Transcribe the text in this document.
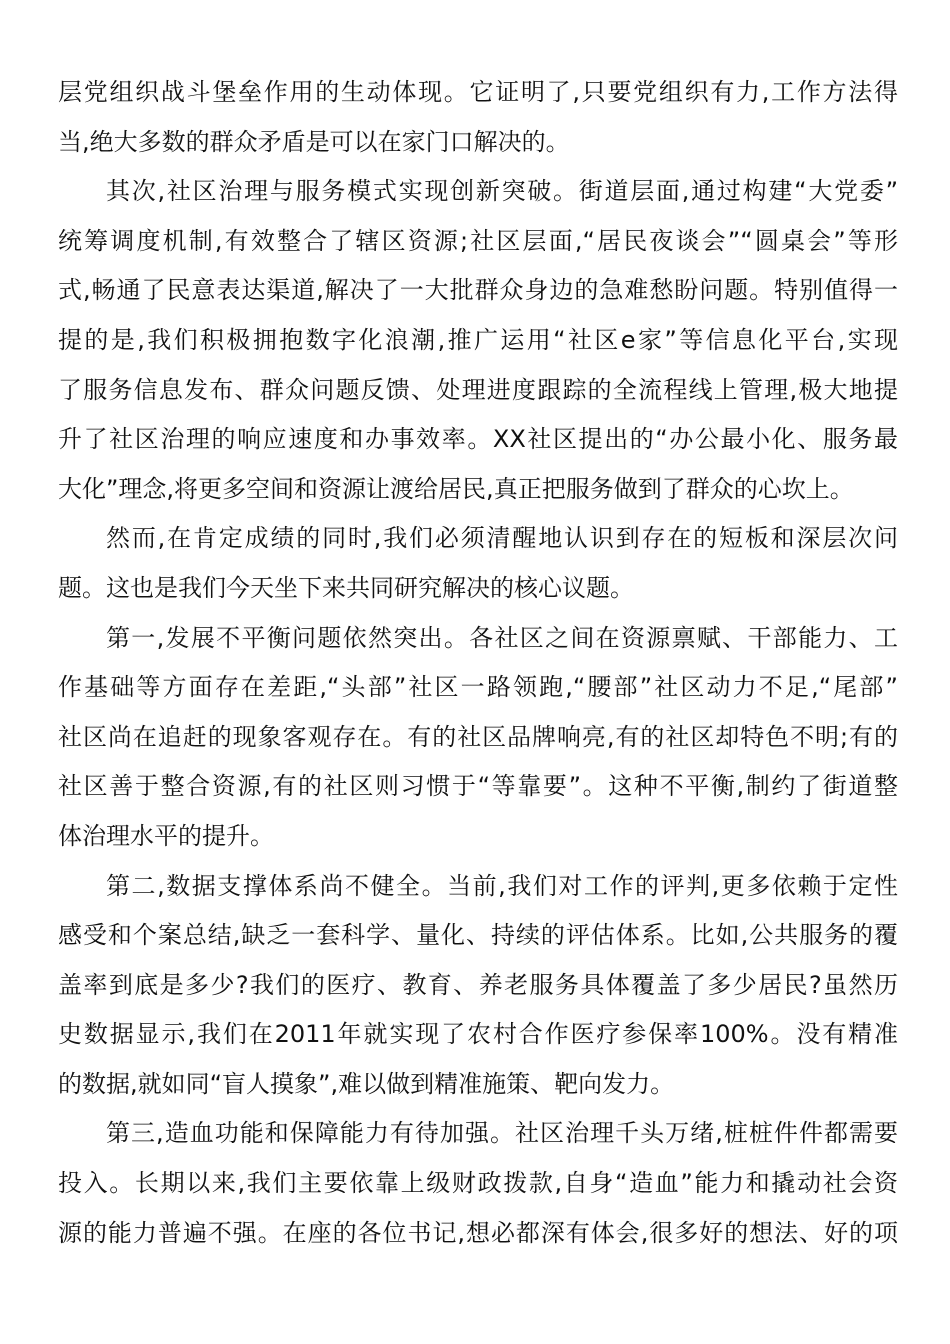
层党组织战斗堡垒作用的生动体现。它证明了,只要党组织有力,工作方法得
当,绝大多数的群众矛盾是可以在家门口解决的。
其次,社区治理与服务模式实现创新突破。街道层面,通过构建“大党委”
统筹调度机制,有效整合了辖区资源;社区层面,“居民夜谈会”“圆桌会”等形
式,畅通了民意表达渠道,解决了一大批群众身边的急难愁盼问题。特别值得一
提的是,我们积极拥抱数字化浪潮,推广运用“社区e家”等信息化平台,实现
了服务信息发布、群众问题反馈、处理进度跟踪的全流程线上管理,极大地提
升了社区治理的响应速度和办事效率。XX社区提出的“办公最小化、服务最
大化”理念,将更多空间和资源让渡给居民,真正把服务做到了群众的心坎上。
然而,在肯定成绩的同时,我们必须清醒地认识到存在的短板和深层次问
题。这也是我们今天坐下来共同研究解决的核心议题。
第一,发展不平衡问题依然突出。各社区之间在资源禀赋、干部能力、工
作基础等方面存在差距,“头部”社区一路领跑,“腰部”社区动力不足,“尾部”
社区尚在追赶的现象客观存在。有的社区品牌响亮,有的社区却特色不明;有的
社区善于整合资源,有的社区则习惯于“等靠要”。这种不平衡,制约了街道整
体治理水平的提升。
第二,数据支撑体系尚不健全。当前,我们对工作的评判,更多依赖于定性
感受和个案总结,缺乏一套科学、量化、持续的评估体系。比如,公共服务的覆
盖率到底是多少?我们的医疗、教育、养老服务具体覆盖了多少居民?虽然历
史数据显示,我们在2011年就实现了农村合作医疗参保率100%。没有精准
的数据,就如同“盲人摸象”,难以做到精准施策、靶向发力。
第三,造血功能和保障能力有待加强。社区治理千头万绪,桩桩件件都需要
投入。长期以来,我们主要依靠上级财政拨款,自身“造血”能力和撬动社会资
源的能力普遍不强。在座的各位书记,想必都深有体会,很多好的想法、好的项
